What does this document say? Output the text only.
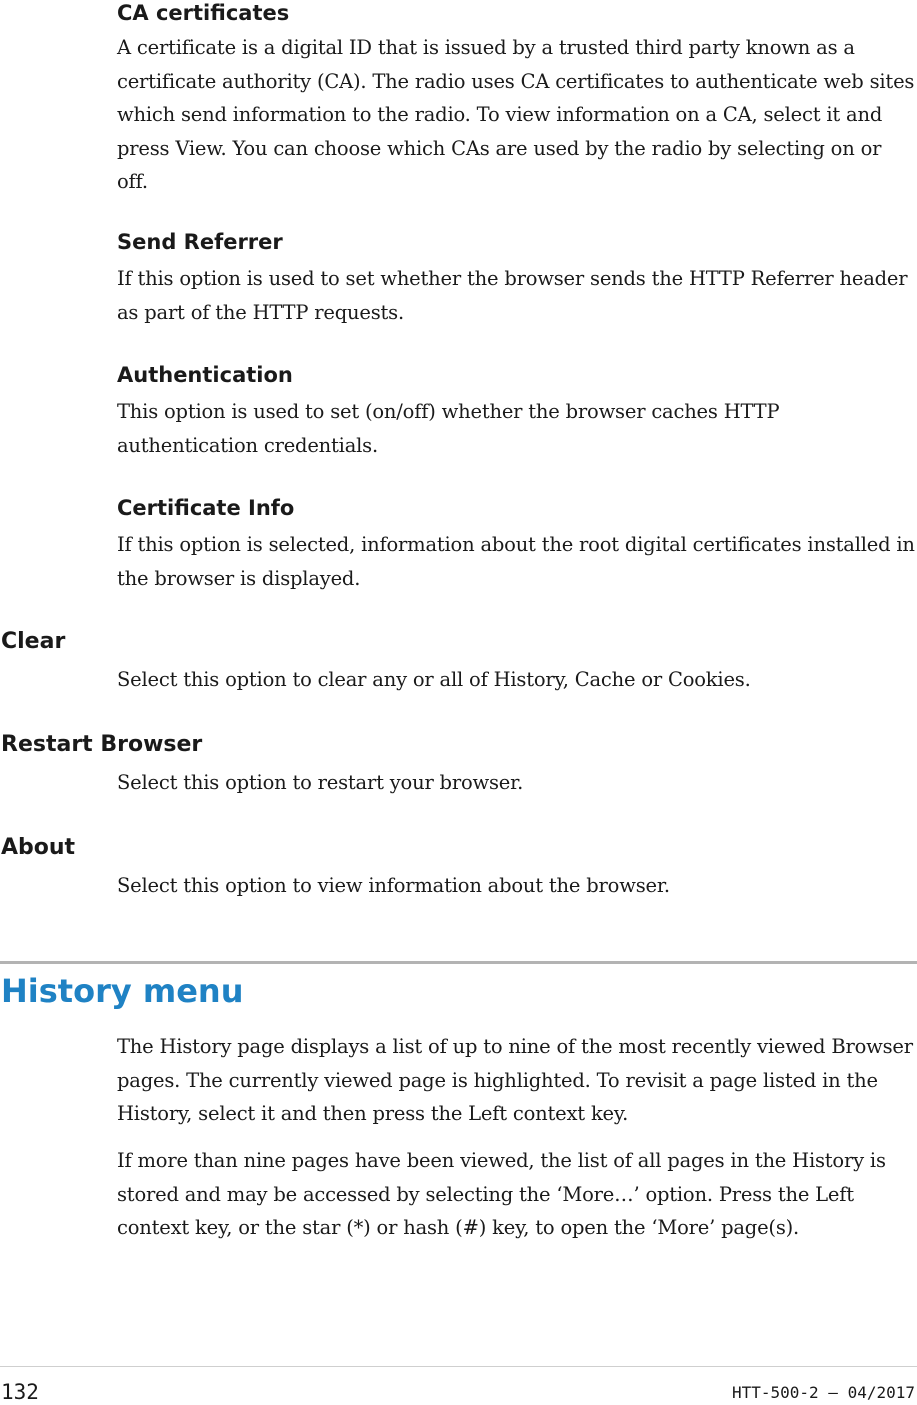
CA certificates

A certificate is a digital ID that is issued by a trusted third party known as a certificate authority (CA). The radio uses CA certificates to authenticate web sites which send information to the radio. To view information on a CA, select it and press View. You can choose which CAs are used by the radio by selecting on or off.

Send Referrer

If this option is used to set whether the browser sends the HTTP Referrer header as part of the HTTP requests.

Authentication

This option is used to set (on/off) whether the browser caches HTTP authentication credentials.

Certificate Info

If this option is selected, information about the root digital certificates installed in the browser is displayed.

Clear

Select this option to clear any or all of History, Cache or Cookies.

Restart Browser

Select this option to restart your browser.

About

Select this option to view information about the browser.

History menu

The History page displays a list of up to nine of the most recently viewed Browser pages. The currently viewed page is highlighted. To revisit a page listed in the History, select it and then press the Left context key.

If more than nine pages have been viewed, the list of all pages in the History is stored and may be accessed by selecting the ‘More…’ option. Press the Left context key, or the star (*) or hash (#) key, to open the ‘More’ page(s).

132	HTT-500-2 – 04/2017
